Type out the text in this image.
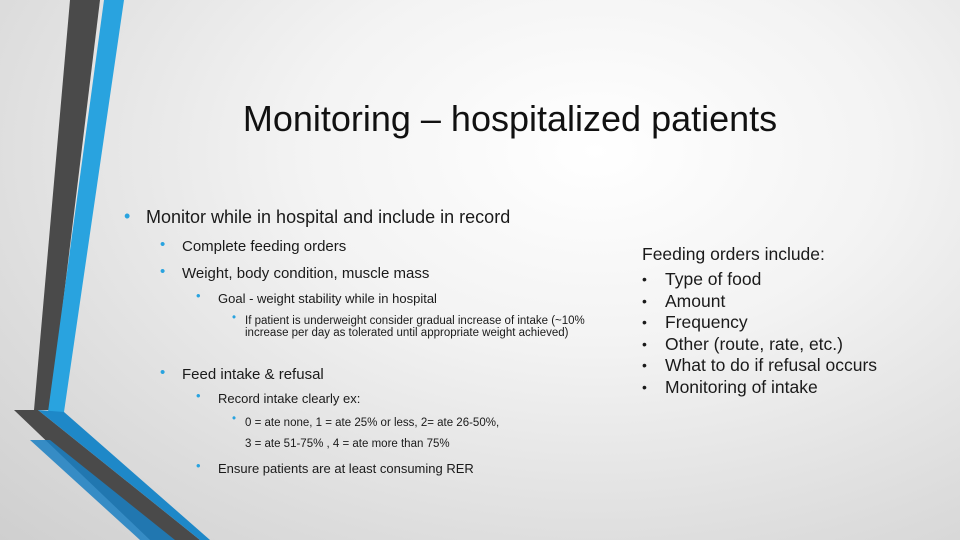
Monitoring – hospitalized patients
• Monitor while in hospital and include in record
• Complete feeding orders
• Weight, body condition, muscle mass
• Goal - weight stability while in hospital
• If patient is underweight consider gradual increase of intake (~10% increase per day as tolerated until appropriate weight achieved)
• Feed intake & refusal
• Record intake clearly ex:
• 0 = ate none, 1 = ate 25% or less, 2= ate 26-50%,
3 = ate 51-75% , 4 = ate more than 75%
• Ensure patients are at least consuming RER
Feeding orders include:
• Type of food
• Amount
• Frequency
• Other (route, rate, etc.)
• What to do if refusal occurs
• Monitoring of intake
